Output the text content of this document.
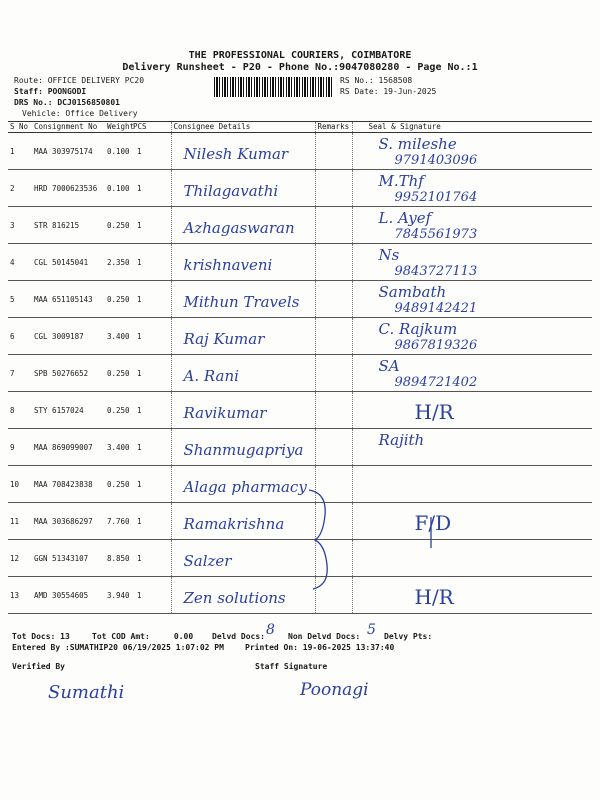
THE PROFESSIONAL COURIERS, COIMBATORE
Delivery Runsheet - P20 - Phone No.:9047080280 - Page No.:1
Route: OFFICE DELIVERY PC20
Staff: POONGODI
DRS No.: DCJ0156850801
Vehicle: Office Delivery
RS No.: 1568508
RS Date: 19-Jun-2025
S No	Consignment No	Weight	PCS	Consignee Details	Remarks	Seal & Signature
1	MAA 303975174	0.100	1	Nilesh Kumar		S. mileshe
9791403096

2	HRD 7000623536	0.100	1	Thilagavathi		M.Thf
9952101764

3	STR 816215	0.250	1	Azhagaswaran		L. Ayef
7845561973

4	CGL 50145041	2.350	1	krishnaveni		Ns
9843727113

5	MAA 651105143	0.250	1	Mithun Travels		Sambath
9489142421

6	CGL 3009187	3.400	1	Raj Kumar		C. Rajkum
9867819326

7	SPB 50276652	0.250	1	A. Rani		SA
9894721402

8	STY 6157024	0.250	1	Ravikumar		H/R

9	MAA 869099007	3.400	1	Shanmugapriya		Rajith

10	MAA 708423838	0.250	1	Alaga pharmacy		

11	MAA 303686297	7.760	1	Ramakrishna		F/D

12	GGN 51343107	8.850	1	Salzer		

13	AMD 30554605	3.940	1	Zen solutions		H/R
Tot Docs: 13	Tot COD Amt:     0.00 Delvd Docs: 8 Non Delvd Docs: 5 Delvy Pts:
Entered By :SUMATHIP20 06/19/2025 1:07:02 PM	Printed On: 19-06-2025 13:37:40
Verified By	Staff Signature
Sumathi	Poonagi
